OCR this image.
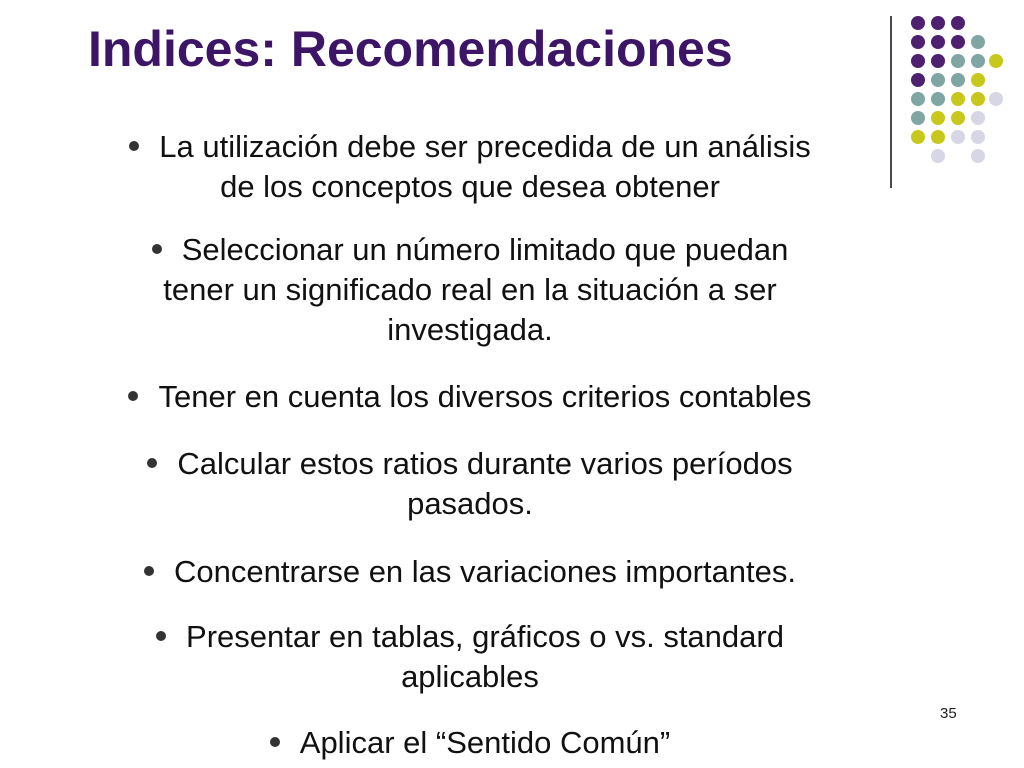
Indices: Recomendaciones
La utilización debe ser precedida de un análisis
de los conceptos que desea obtener
Seleccionar un número limitado que puedan
tener un significado real en la situación a ser
investigada.
Tener en cuenta los diversos criterios contables
Calcular estos ratios durante varios períodos
pasados.
Concentrarse en las variaciones importantes.
Presentar en tablas, gráficos o vs. standard
aplicables
Aplicar el “Sentido Común”
35
